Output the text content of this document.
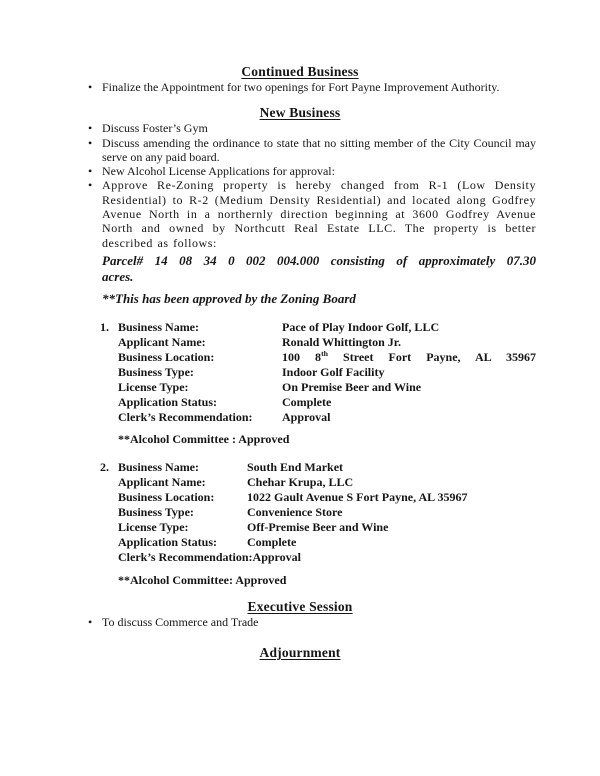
Continued Business
• Finalize the Appointment for two openings for Fort Payne Improvement Authority.
New Business
• Discuss Foster’s Gym
• Discuss amending the ordinance to state that no sitting member of the City Council may serve on any paid board.
• New Alcohol License Applications for approval:
• Approve Re-Zoning property is hereby changed from R-1 (Low Density Residential) to R-2 (Medium Density Residential) and located along Godfrey Avenue North in a northernly direction beginning at 3600 Godfrey Avenue North and owned by Northcutt Real Estate LLC. The property is better described as follows:
Parcel# 14 08 34 0 002 004.000 consisting of approximately 07.30
acres.
**This has been approved by the Zoning Board
1. Business Name:	Pace of Play Indoor Golf, LLC
Applicant Name:	Ronald Whittington Jr.
Business Location:	100 8th Street Fort Payne, AL 35967
Business Type:	Indoor Golf Facility
License Type:	On Premise Beer and Wine
Application Status:	Complete
Clerk’s Recommendation:	Approval
**Alcohol Committee : Approved
2. Business Name:	South End Market
Applicant Name:	Chehar Krupa, LLC
Business Location:	1022 Gault Avenue S Fort Payne, AL 35967
Business Type:	Convenience Store
License Type:	Off-Premise Beer and Wine
Application Status:	Complete
Clerk’s Recommendation: Approval
**Alcohol Committee: Approved
Executive Session
• To discuss Commerce and Trade
Adjournment
